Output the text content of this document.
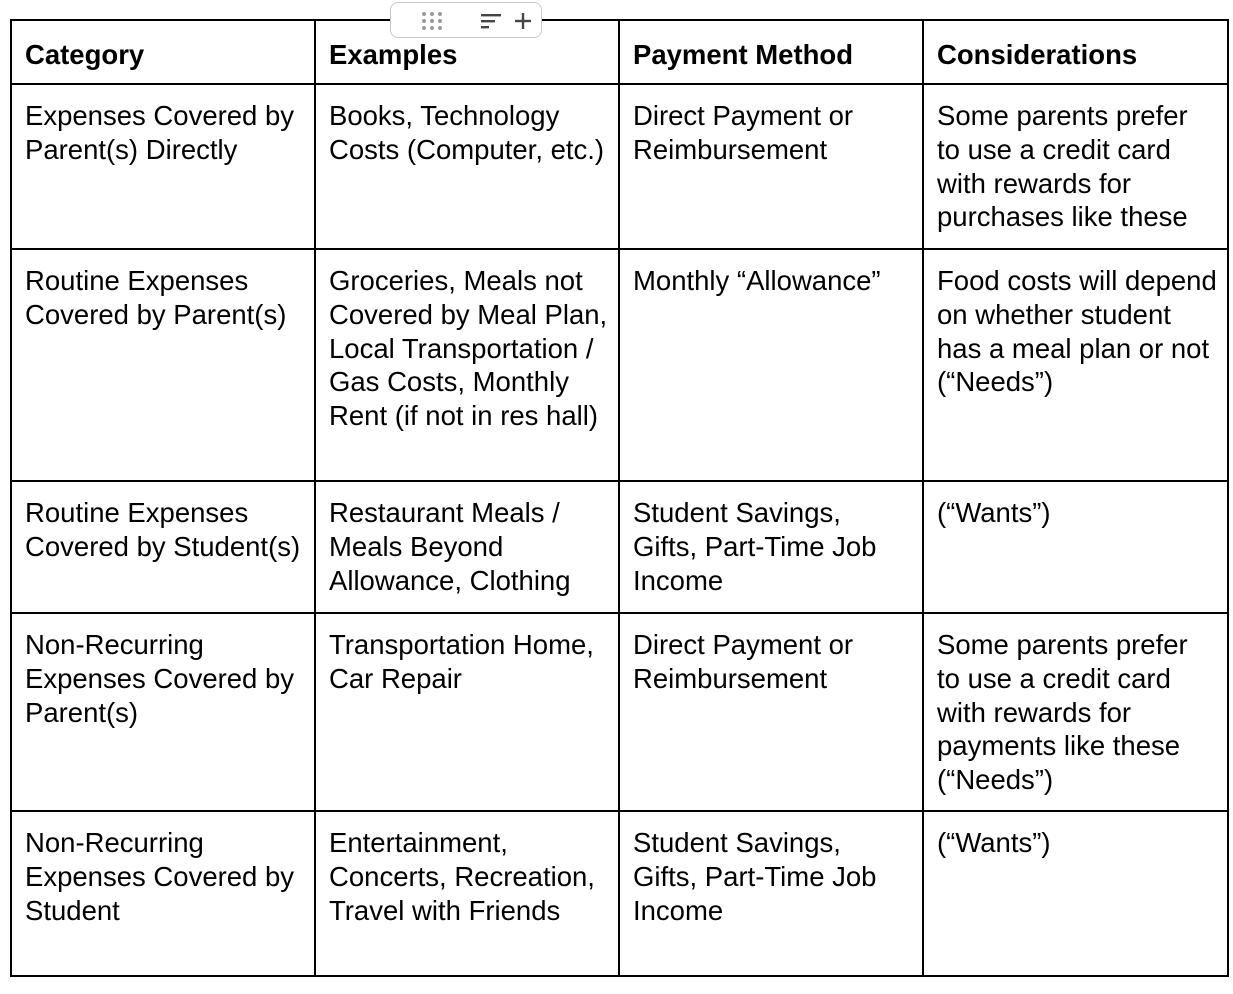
Category	Examples	Payment Method	Considerations
Expenses Covered by Parent(s) Directly	Books, Technology Costs (Computer, etc.)	Direct Payment or Reimbursement	Some parents prefer to use a credit card with rewards for purchases like these
Routine Expenses Covered by Parent(s)	Groceries, Meals not Covered by Meal Plan, Local Transportation / Gas Costs, Monthly Rent (if not in res hall)	Monthly “Allowance”	Food costs will depend on whether student has a meal plan or not (“Needs”)
Routine Expenses Covered by Student(s)	Restaurant Meals / Meals Beyond Allowance, Clothing	Student Savings, Gifts, Part-Time Job Income	(“Wants”)
Non-Recurring Expenses Covered by Parent(s)	Transportation Home, Car Repair	Direct Payment or Reimbursement	Some parents prefer to use a credit card with rewards for payments like these (“Needs”)
Non-Recurring Expenses Covered by Student	Entertainment, Concerts, Recreation, Travel with Friends	Student Savings, Gifts, Part-Time Job Income	(“Wants”)
